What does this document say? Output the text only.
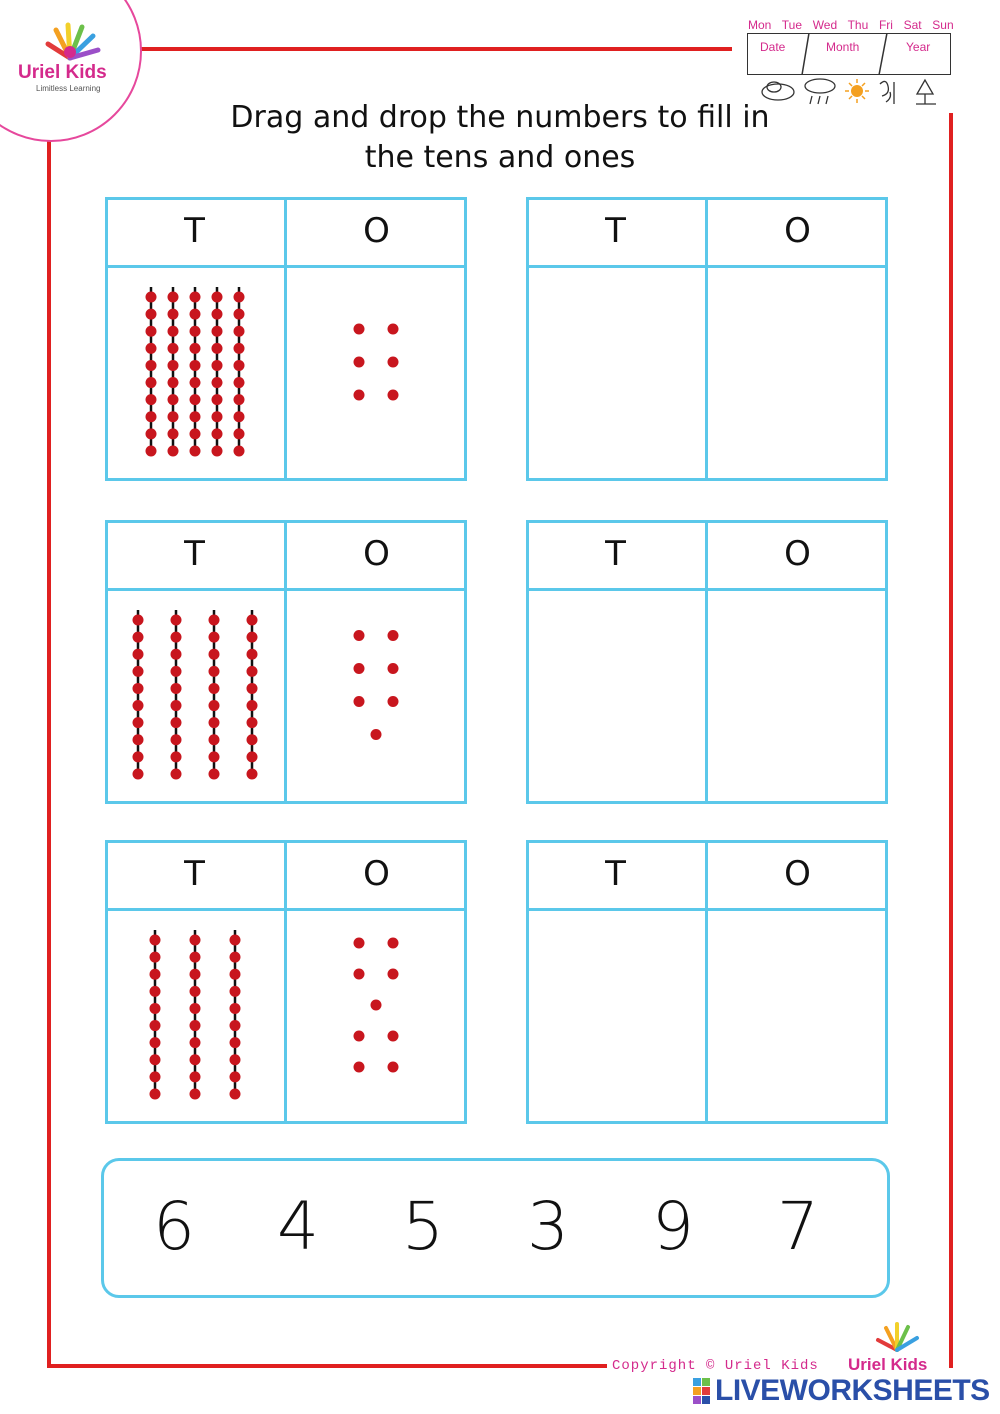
Uriel Kids
Limitless Learning
Mon  Tue  Wed  Thu  Fri  Sat  Sun
Date	Month	Year
Drag and drop the numbers to fill in
the tens and ones
T	O	T	O
T	O	T	O
T	O	T	O
6 4 5 3 9 7
Copyright © Uriel Kids Uriel Kids
LIVEWORKSHEETS
